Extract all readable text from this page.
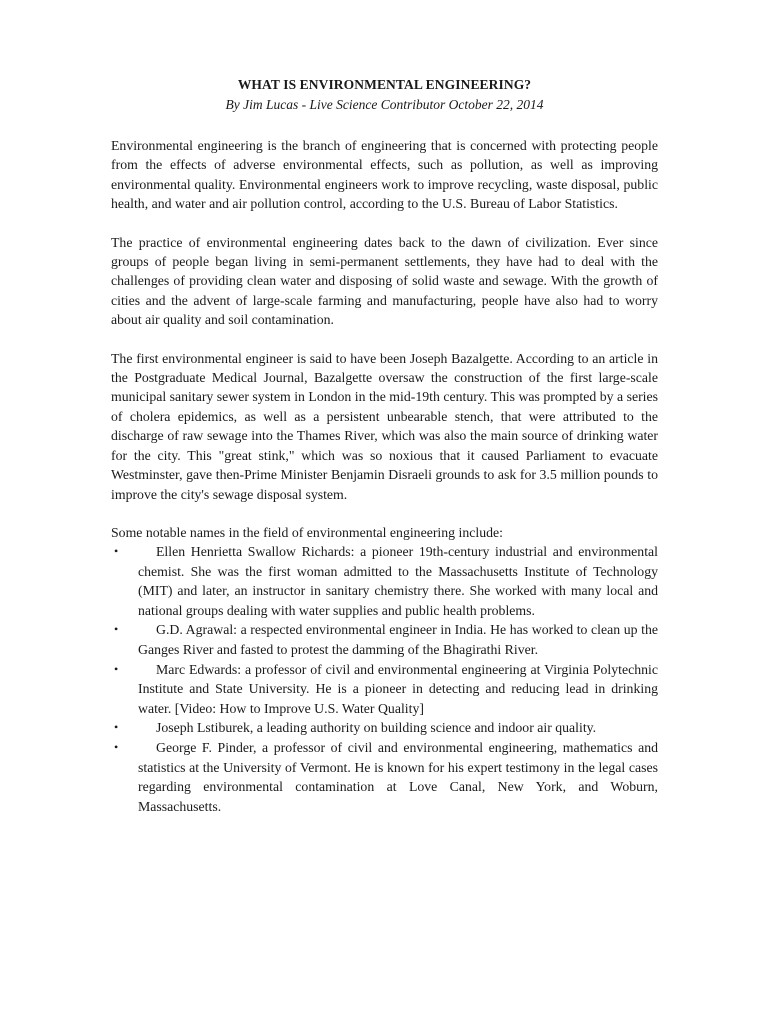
WHAT IS ENVIRONMENTAL ENGINEERING?

By Jim Lucas - Live Science Contributor October 22, 2014

Environmental engineering is the branch of engineering that is concerned with protecting people from the effects of adverse environmental effects, such as pollution, as well as improving environmental quality. Environmental engineers work to improve recycling, waste disposal, public health, and water and air pollution control, according to the U.S. Bureau of Labor Statistics.

The practice of environmental engineering dates back to the dawn of civilization. Ever since groups of people began living in semi-permanent settlements, they have had to deal with the challenges of providing clean water and disposing of solid waste and sewage. With the growth of cities and the advent of large-scale farming and manufacturing, people have also had to worry about air quality and soil contamination.

The first environmental engineer is said to have been Joseph Bazalgette. According to an article in the Postgraduate Medical Journal, Bazalgette oversaw the construction of the first large-scale municipal sanitary sewer system in London in the mid-19th century. This was prompted by a series of cholera epidemics, as well as a persistent unbearable stench, that were attributed to the discharge of raw sewage into the Thames River, which was also the main source of drinking water for the city. This "great stink," which was so noxious that it caused Parliament to evacuate Westminster, gave then-Prime Minister Benjamin Disraeli grounds to ask for 3.5 million pounds to improve the city's sewage disposal system.

Some notable names in the field of environmental engineering include:

•	Ellen Henrietta Swallow Richards: a pioneer 19th-century industrial and environmental chemist. She was the first woman admitted to the Massachusetts Institute of Technology (MIT) and later, an instructor in sanitary chemistry there. She worked with many local and national groups dealing with water supplies and public health problems.
•	G.D. Agrawal: a respected environmental engineer in India. He has worked to clean up the Ganges River and fasted to protest the damming of the Bhagirathi River.
•	Marc Edwards: a professor of civil and environmental engineering at Virginia Polytechnic Institute and State University. He is a pioneer in detecting and reducing lead in drinking water. [Video: How to Improve U.S. Water Quality]
•	Joseph Lstiburek, a leading authority on building science and indoor air quality.
•	George F. Pinder, a professor of civil and environmental engineering, mathematics and statistics at the University of Vermont. He is known for his expert testimony in the legal cases regarding environmental contamination at Love Canal, New York, and Woburn, Massachusetts.
